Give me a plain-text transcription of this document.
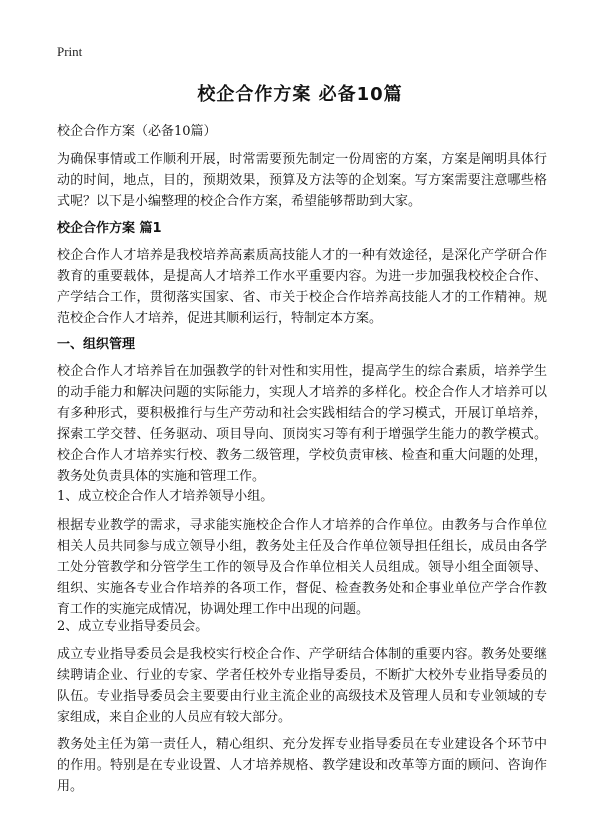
Print
校企合作方案 必备10篇
校企合作方案（必备10篇）
为确保事情或工作顺利开展，时常需要预先制定一份周密的方案，方案是阐明具体行动的时间，地点，目的，预期效果，预算及方法等的企划案。写方案需要注意哪些格式呢？以下是小编整理的校企合作方案，希望能够帮助到大家。
校企合作方案 篇1
校企合作人才培养是我校培养高素质高技能人才的一种有效途径，是深化产学研合作教育的重要载体，是提高人才培养工作水平重要内容。为进一步加强我校校企合作、产学结合工作，贯彻落实国家、省、市关于校企合作培养高技能人才的工作精神。规范校企合作人才培养，促进其顺利运行，特制定本方案。
一、组织管理
校企合作人才培养旨在加强教学的针对性和实用性，提高学生的综合素质，培养学生的动手能力和解决问题的实际能力，实现人才培养的多样化。校企合作人才培养可以有多种形式，要积极推行与生产劳动和社会实践相结合的学习模式，开展订单培养，探索工学交替、任务驱动、项目导向、顶岗实习等有利于增强学生能力的教学模式。校企合作人才培养实行校、教务二级管理，学校负责审核、检查和重大问题的处理，教务处负责具体的实施和管理工作。
1、成立校企合作人才培养领导小组。
根据专业教学的需求，寻求能实施校企合作人才培养的合作单位。由教务与合作单位相关人员共同参与成立领导小组，教务处主任及合作单位领导担任组长，成员由各学工处分管教学和分管学生工作的领导及合作单位相关人员组成。领导小组全面领导、组织、实施各专业合作培养的各项工作，督促、检查教务处和企事业单位产学合作教育工作的实施完成情况，协调处理工作中出现的问题。
2、成立专业指导委员会。
成立专业指导委员会是我校实行校企合作、产学研结合体制的重要内容。教务处要继续聘请企业、行业的专家、学者任校外专业指导委员，不断扩大校外专业指导委员的队伍。专业指导委员会主要要由行业主流企业的高级技术及管理人员和专业领域的专家组成，来自企业的人员应有较大部分。
教务处主任为第一责任人，精心组织、充分发挥专业指导委员在专业建设各个环节中的作用。特别是在专业设置、人才培养规格、教学建设和改革等方面的顾问、咨询作用。
